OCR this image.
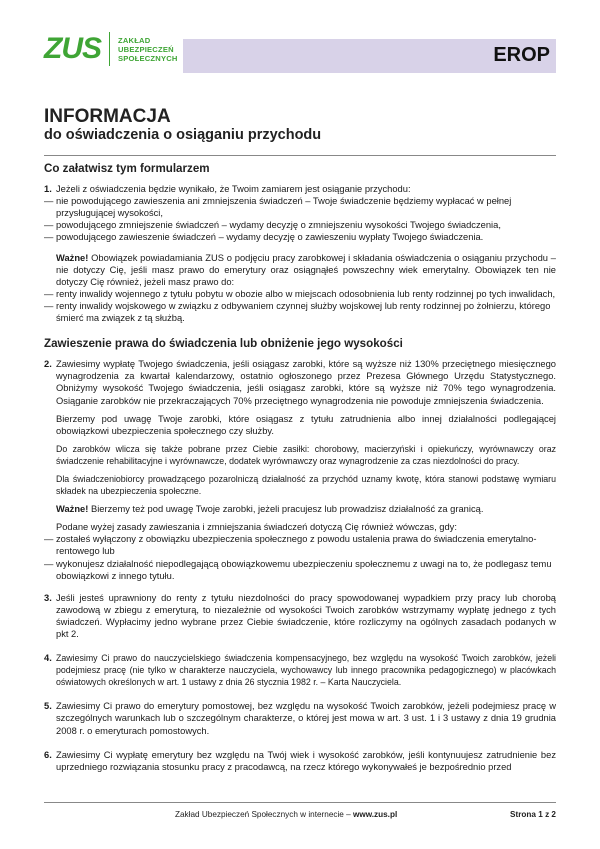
ZUS ZAKŁAD
UBEZPIECZEŃ
SPOŁECZNYCH	EROP
INFORMACJA
do oświadczenia o osiąganiu przychodu
Co załatwisz tym formularzem
1. Jeżeli z oświadczenia będzie wynikało, że Twoim zamiarem jest osiąganie przychodu:

— nie powodującego zawieszenia ani zmniejszenia świadczeń – Twoje świadczenie będziemy wypłacać w pełnej przysługującej wysokości,
— powodującego zmniejszenie świadczeń – wydamy decyzję o zmniejszeniu wysokości Twojego świadczenia,
— powodującego zawieszenie świadczeń – wydamy decyzję o zawieszeniu wypłaty Twojego świadczenia.

Ważne! Obowiązek powiadamiania ZUS o podjęciu pracy zarobkowej i składania oświadczenia o osiąganiu przychodu – nie dotyczy Cię, jeśli masz prawo do emerytury oraz osiągnąłeś powszechny wiek emerytalny. Obowiązek ten nie dotyczy Cię również, jeżeli masz prawo do:

— renty inwalidy wojennego z tytułu pobytu w obozie albo w miejscach odosobnienia lub renty rodzinnej po tych inwalidach,
— renty inwalidy wojskowego w związku z odbywaniem czynnej służby wojskowej lub renty rodzinnej po żołnierzu, którego śmierć ma związek z tą służbą.
Zawieszenie prawa do świadczenia lub obniżenie jego wysokości
2. Zawiesimy wypłatę Twojego świadczenia, jeśli osiągasz zarobki, które są wyższe niż 130% przeciętnego miesięcznego wynagrodzenia za kwartał kalendarzowy, ostatnio ogłoszonego przez Prezesa Głównego Urzędu Statystycznego. Obniżymy wysokość Twojego świadczenia, jeśli osiągasz zarobki, które są wyższe niż 70% tego wynagrodzenia. Osiąganie zarobków nie przekraczających 70% przeciętnego wynagrodzenia nie powoduje zmniejszenia świadczenia.

Bierzemy pod uwagę Twoje zarobki, które osiągasz z tytułu zatrudnienia albo innej działalności podlegającej obowiązkowi ubezpieczenia społecznego czy służby.

Do zarobków wlicza się także pobrane przez Ciebie zasiłki: chorobowy, macierzyński i opiekuńczy, wyrównawczy oraz świadczenie rehabilitacyjne i wyrównawcze, dodatek wyrównawczy oraz wynagrodzenie za czas niezdolności do pracy.

Dla świadczeniobiorcy prowadzącego pozarolniczą działalność za przychód uznamy kwotę, która stanowi podstawę wymiaru składek na ubezpieczenia społeczne.

Ważne! Bierzemy też pod uwagę Twoje zarobki, jeżeli pracujesz lub prowadzisz działalność za granicą.

Podane wyżej zasady zawieszania i zmniejszania świadczeń dotyczą Cię również wówczas, gdy:

— zostałeś wyłączony z obowiązku ubezpieczenia społecznego z powodu ustalenia prawa do świadczenia emerytalno-rentowego lub
— wykonujesz działalność niepodlegającą obowiązkowemu ubezpieczeniu społecznemu z uwagi na to, że podlegasz temu obowiązkowi z innego tytułu.
3. Jeśli jesteś uprawniony do renty z tytułu niezdolności do pracy spowodowanej wypadkiem przy pracy lub chorobą zawodową w zbiegu z emeryturą, to niezależnie od wysokości Twoich zarobków wstrzymamy wypłatę jednego z tych świadczeń. Wypłacimy jedno wybrane przez Ciebie świadczenie, które rozliczymy na ogólnych zasadach podanych w pkt 2.

4. Zawiesimy Ci prawo do nauczycielskiego świadczenia kompensacyjnego, bez względu na wysokość Twoich zarobków, jeżeli podejmiesz pracę (nie tylko w charakterze nauczyciela, wychowawcy lub innego pracownika pedagogicznego) w placówkach oświatowych określonych w art. 1 ustawy z dnia 26 stycznia 1982 r. – Karta Nauczyciela.

5. Zawiesimy Ci prawo do emerytury pomostowej, bez względu na wysokość Twoich zarobków, jeżeli podejmiesz pracę w szczególnych warunkach lub o szczególnym charakterze, o której jest mowa w art. 3 ust. 1 i 3 ustawy z dnia 19 grudnia 2008 r. o emeryturach pomostowych.

6. Zawiesimy Ci wypłatę emerytury bez względu na Twój wiek i wysokość zarobków, jeśli kontynuujesz zatrudnienie bez uprzedniego rozwiązania stosunku pracy z pracodawcą, na rzecz którego wykonywałeś je bezpośrednio przed

Zakład Ubezpieczeń Społecznych w internecie – www.zus.pl	Strona 1 z 2
